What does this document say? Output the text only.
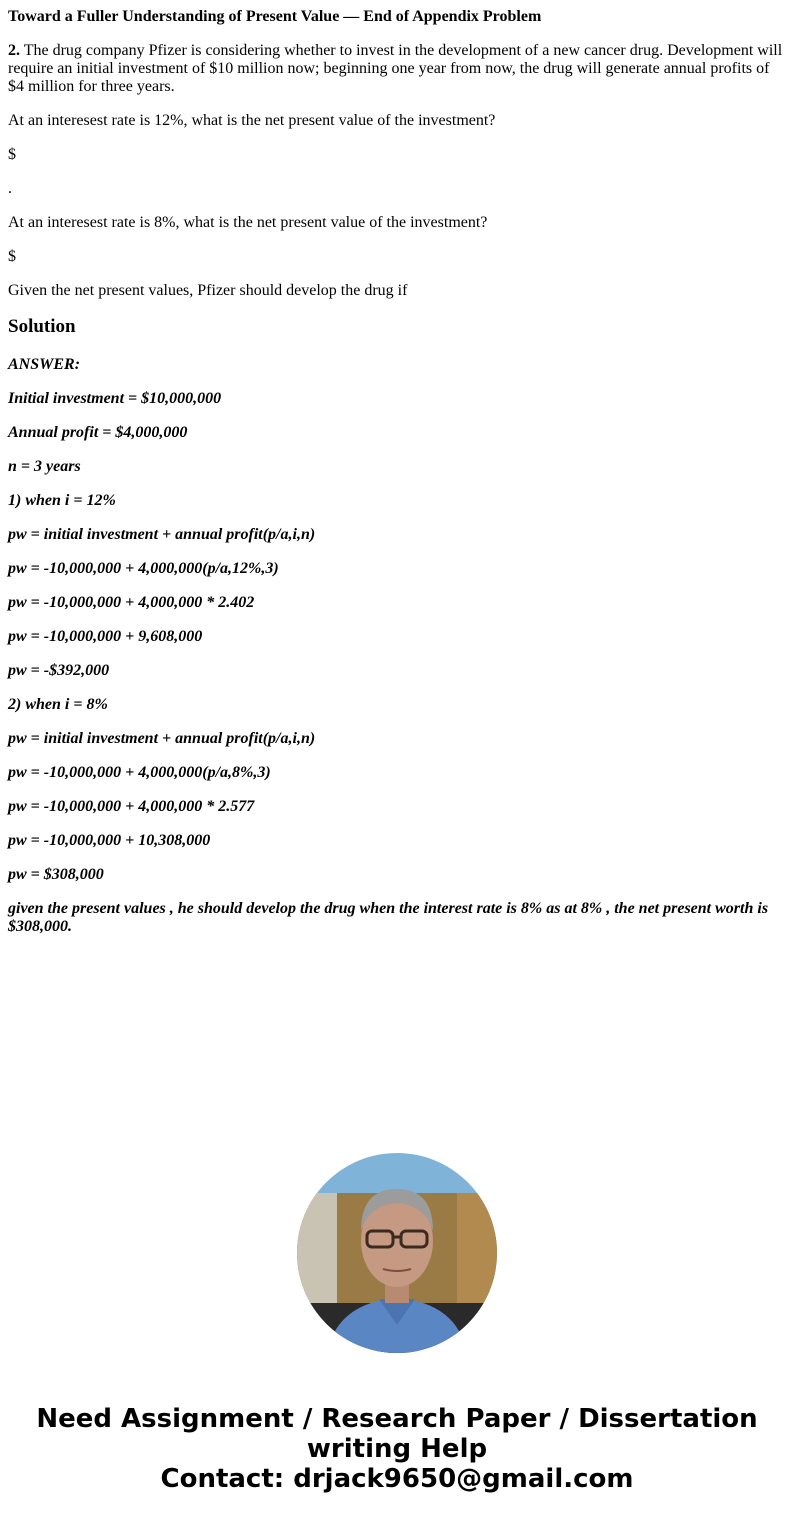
Toward a Fuller Understanding of Present Value — End of Appendix Problem

2. The drug company Pfizer is considering whether to invest in the development of a new cancer drug. Development will require an initial investment of $10 million now; beginning one year from now, the drug will generate annual profits of $4 million for three years.

At an interesest rate is 12%, what is the net present value of the investment?

$

.

At an interesest rate is 8%, what is the net present value of the investment?

$

Given the net present values, Pfizer should develop the drug if

Solution

ANSWER:

Initial investment = $10,000,000

Annual profit = $4,000,000

n = 3 years

1) when i = 12%

pw = initial investment + annual profit(p/a,i,n)

pw = -10,000,000 + 4,000,000(p/a,12%,3)

pw = -10,000,000 + 4,000,000 * 2.402

pw = -10,000,000 + 9,608,000

pw = -$392,000

2) when i = 8%

pw = initial investment + annual profit(p/a,i,n)

pw = -10,000,000 + 4,000,000(p/a,8%,3)

pw = -10,000,000 + 4,000,000 * 2.577

pw = -10,000,000 + 10,308,000

pw = $308,000

given the present values , he should develop the drug when the interest rate is 8% as at 8% , the net present worth is $308,000.

Need Assignment / Research Paper / Dissertation
writing Help
Contact: drjack9650@gmail.com
